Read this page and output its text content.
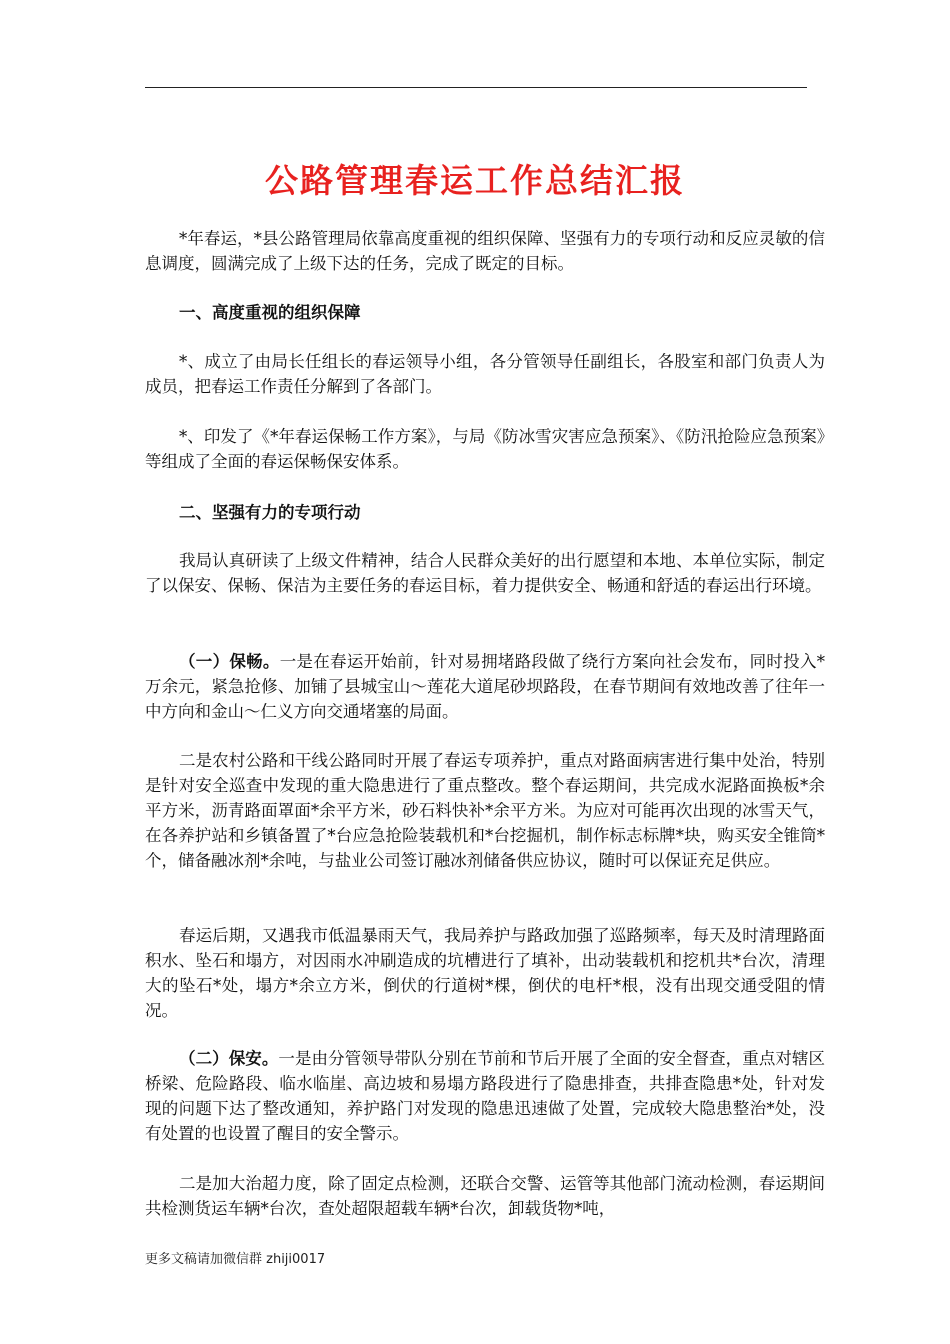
公路管理春运工作总结汇报

*年春运，*县公路管理局依靠高度重视的组织保障、坚强有力的专项行动和反应灵敏的信息调度，圆满完成了上级下达的任务，完成了既定的目标。

一、高度重视的组织保障

*、成立了由局长任组长的春运领导小组，各分管领导任副组长，各股室和部门负责人为成员，把春运工作责任分解到了各部门。

*、印发了《*年春运保畅工作方案》，与局《防冰雪灾害应急预案》、《防汛抢险应急预案》等组成了全面的春运保畅保安体系。

二、坚强有力的专项行动

我局认真研读了上级文件精神，结合人民群众美好的出行愿望和本地、本单位实际，制定了以保安、保畅、保洁为主要任务的春运目标，着力提供安全、畅通和舒适的春运出行环境。

（一）保畅。一是在春运开始前，针对易拥堵路段做了绕行方案向社会发布，同时投入*万余元，紧急抢修、加铺了县城宝山～莲花大道尾砂坝路段，在春节期间有效地改善了往年一中方向和金山～仁义方向交通堵塞的局面。

二是农村公路和干线公路同时开展了春运专项养护，重点对路面病害进行集中处治，特别是针对安全巡查中发现的重大隐患进行了重点整改。整个春运期间，共完成水泥路面换板*余平方米，沥青路面罩面*余平方米，砂石料快补*余平方米。为应对可能再次出现的冰雪天气，在各养护站和乡镇备置了*台应急抢险装载机和*台挖掘机，制作标志标牌*块，购买安全锥筒*个，储备融冰剂*余吨，与盐业公司签订融冰剂储备供应协议，随时可以保证充足供应。

春运后期，又遇我市低温暴雨天气，我局养护与路政加强了巡路频率，每天及时清理路面积水、坠石和塌方，对因雨水冲刷造成的坑槽进行了填补，出动装载机和挖机共*台次，清理大的坠石*处，塌方*余立方米，倒伏的行道树*棵，倒伏的电杆*根，没有出现交通受阻的情况。

（二）保安。一是由分管领导带队分别在节前和节后开展了全面的安全督查，重点对辖区桥梁、危险路段、临水临崖、高边坡和易塌方路段进行了隐患排查，共排查隐患*处，针对发现的问题下达了整改通知，养护路门对发现的隐患迅速做了处置，完成较大隐患整治*处，没有处置的也设置了醒目的安全警示。

二是加大治超力度，除了固定点检测，还联合交警、运管等其他部门流动检测，春运期间共检测货运车辆*台次，查处超限超载车辆*台次，卸载货物*吨，

更多文稿请加微信群 zhiji0017
